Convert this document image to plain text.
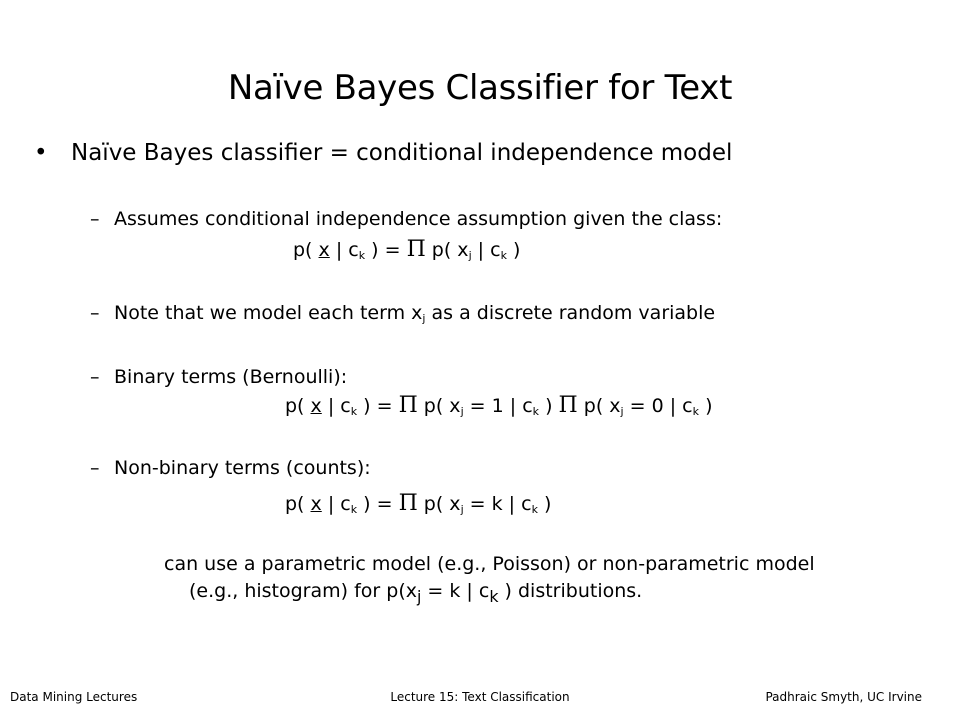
Naïve Bayes Classifier for Text
• Naïve Bayes classifier = conditional independence model
– Assumes conditional independence assumption given the class:
p( x | $c_k$ ) = Π p( $x_j$ | $c_k$ )
– Note that we model each term $x_j$ as a discrete random variable
– Binary terms (Bernoulli):
p( x | $c_k$ ) = Π p( $x_j = 1$ | $c_k$ ) Π p( $x_j = 0$ | $c_k$ )
– Non-binary terms (counts):
p( x | $c_k$ ) = Π p( $x_j = k$ | $c_k$ )
can use a parametric model (e.g., Poisson) or non-parametric model
(e.g., histogram) for $p(x_j = k$ | $c_k$ ) distributions.
Data Mining Lectures	Lecture 15: Text Classification	Padhraic Smyth, UC Irvine
